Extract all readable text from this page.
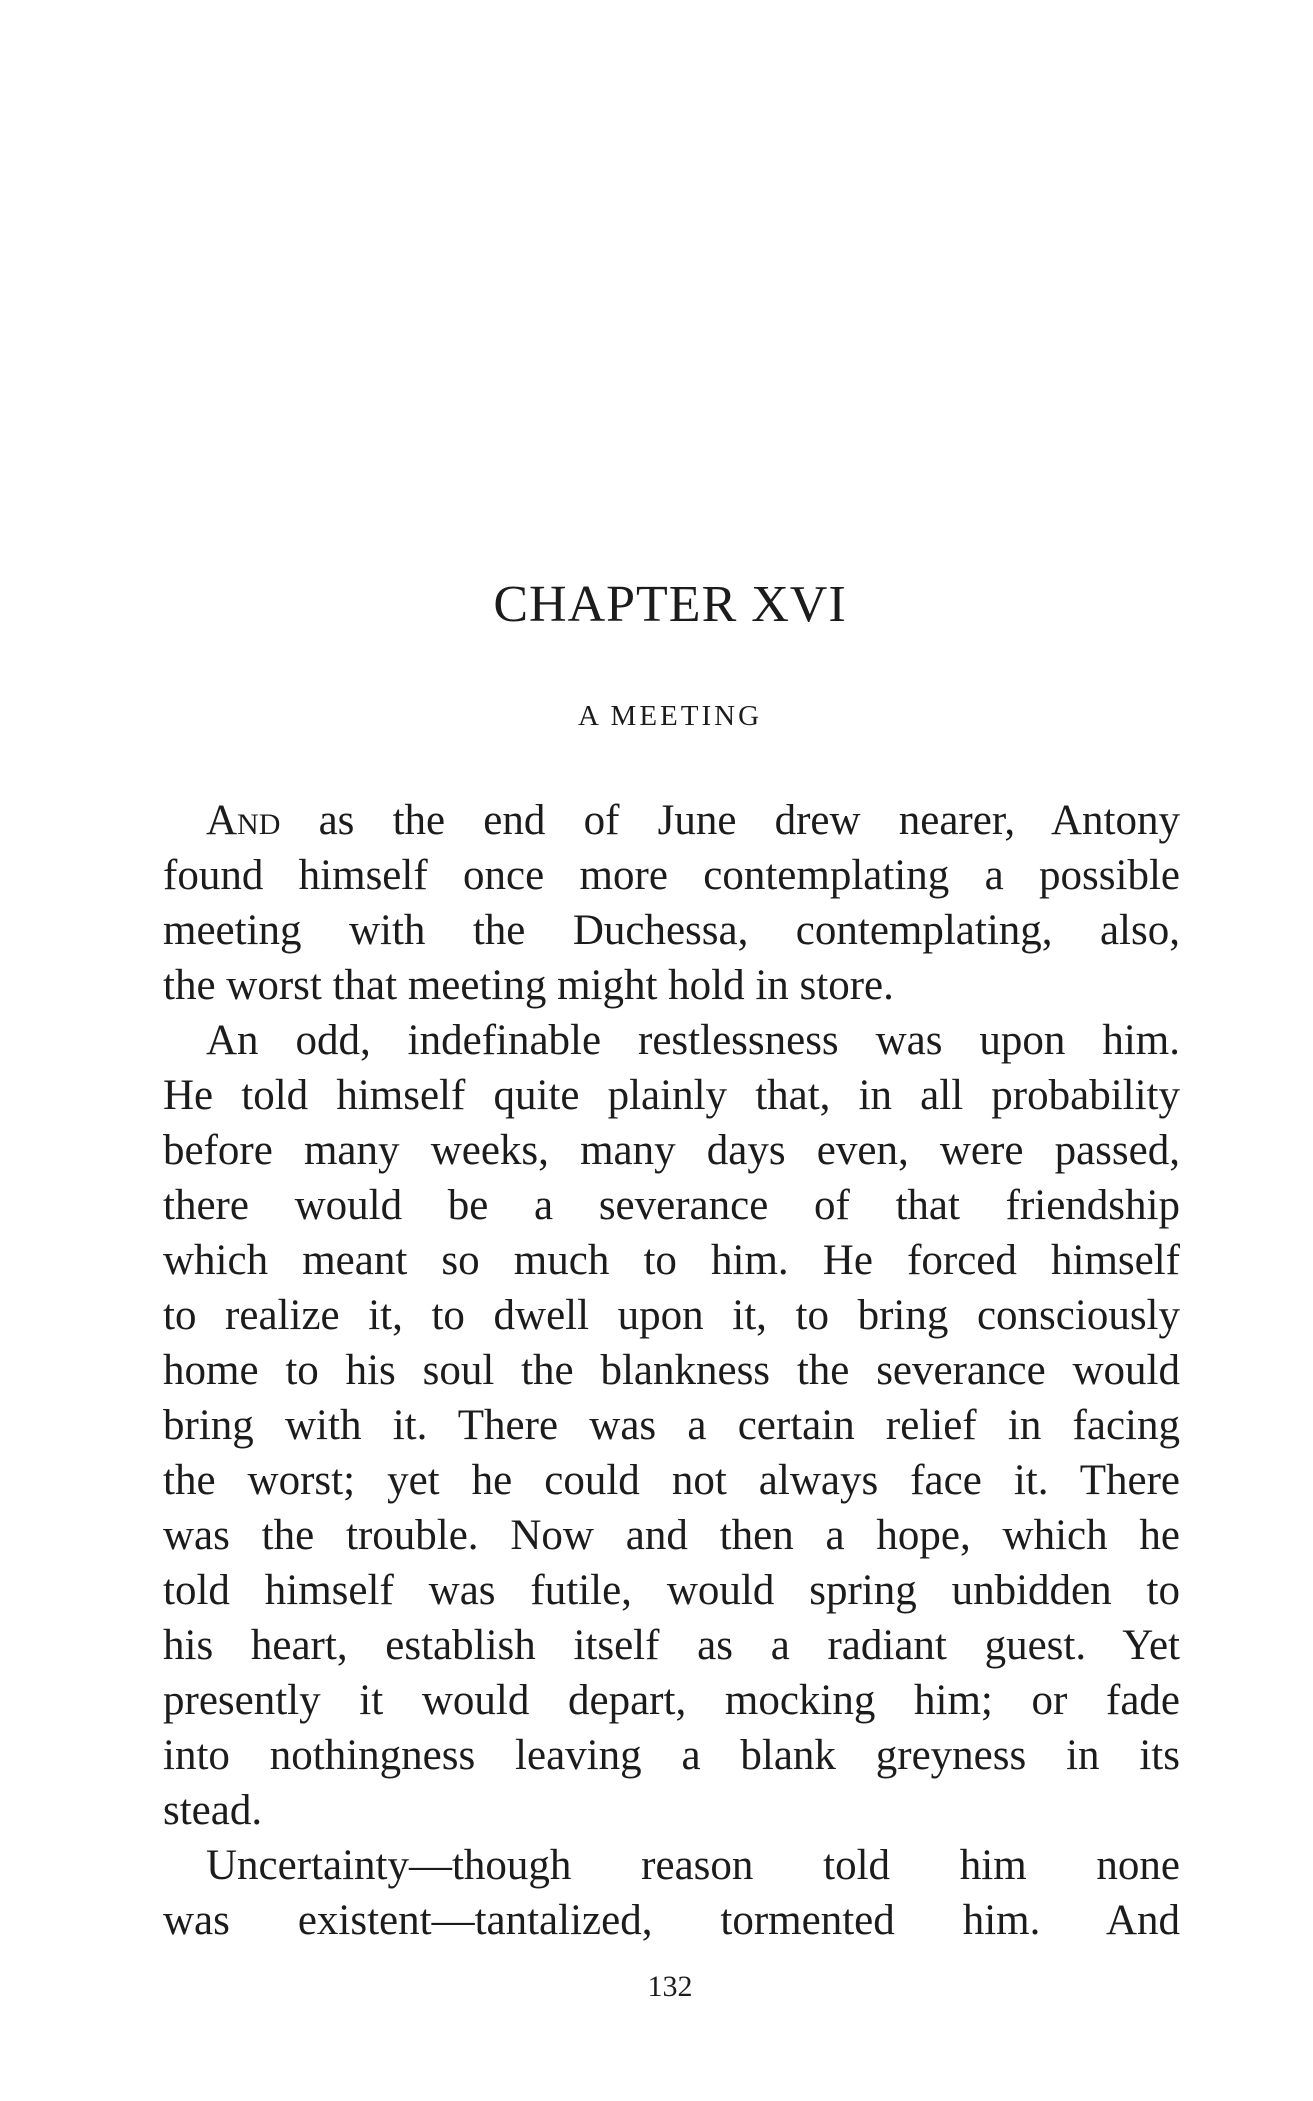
CHAPTER XVI
A MEETING
And as the end of June drew nearer, Antony
found himself once more contemplating a possible
meeting with the Duchessa, contemplating, also,
the worst that meeting might hold in store.
An odd, indefinable restlessness was upon him.
He told himself quite plainly that, in all probability
before many weeks, many days even, were passed,
there would be a severance of that friendship
which meant so much to him. He forced himself
to realize it, to dwell upon it, to bring consciously
home to his soul the blankness the severance would
bring with it. There was a certain relief in facing
the worst; yet he could not always face it. There
was the trouble. Now and then a hope, which he
told himself was futile, would spring unbidden to
his heart, establish itself as a radiant guest. Yet
presently it would depart, mocking him; or fade
into nothingness leaving a blank greyness in its
stead.
Uncertainty—though reason told him none
was existent—tantalized, tormented him. And

132
